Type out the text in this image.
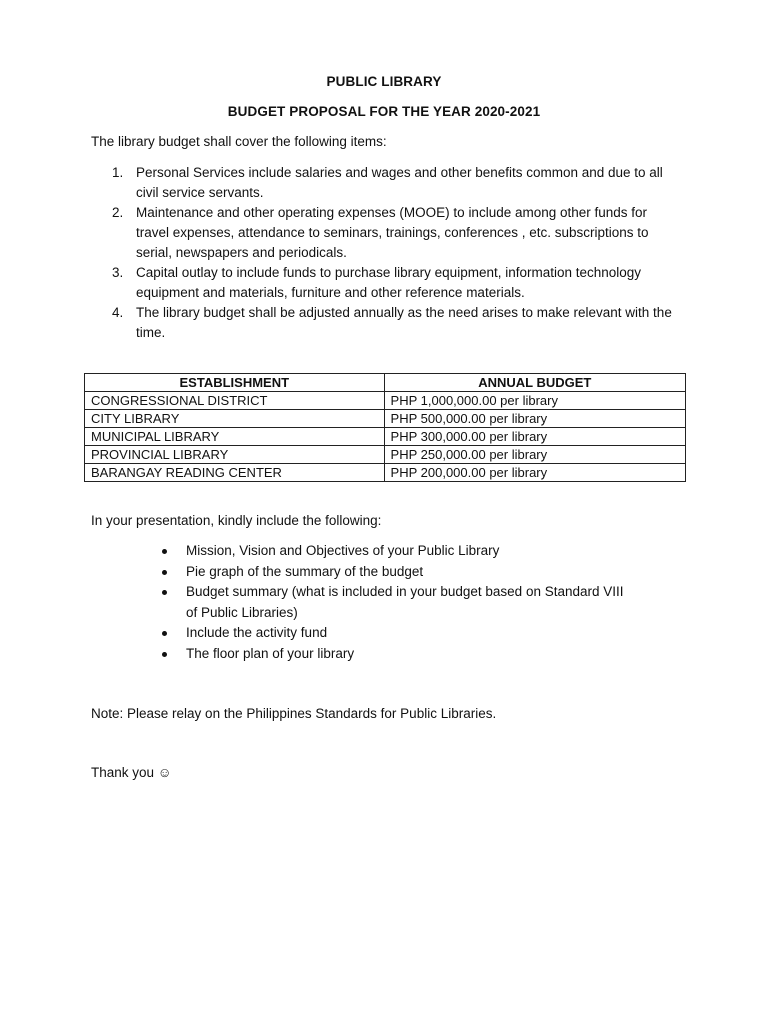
PUBLIC LIBRARY
BUDGET PROPOSAL FOR THE YEAR 2020-2021
The library budget shall cover the following items:
1. Personal Services include salaries and wages and other benefits common and due to all civil service servants.
2. Maintenance and other operating expenses (MOOE) to include among other funds for travel expenses, attendance to seminars, trainings, conferences , etc. subscriptions to serial, newspapers and periodicals.
3. Capital outlay to include funds to purchase library equipment, information technology equipment and materials, furniture and other reference materials.
4. The library budget shall be adjusted annually as the need arises to make relevant with the time.
ESTABLISHMENT	ANNUAL BUDGET
CONGRESSIONAL DISTRICT	PHP 1,000,000.00 per library
CITY LIBRARY	PHP 500,000.00 per library
MUNICIPAL LIBRARY	PHP 300,000.00 per library
PROVINCIAL LIBRARY	PHP 250,000.00 per library
BARANGAY READING CENTER	PHP 200,000.00 per library
In your presentation, kindly include the following:
Mission, Vision and Objectives of your Public Library
Pie graph of the summary of the budget
Budget summary (what is included in your budget based on Standard VIII of Public Libraries)
Include the activity fund
The floor plan of your library
Note: Please relay on the Philippines Standards for Public Libraries.
Thank you ☺
